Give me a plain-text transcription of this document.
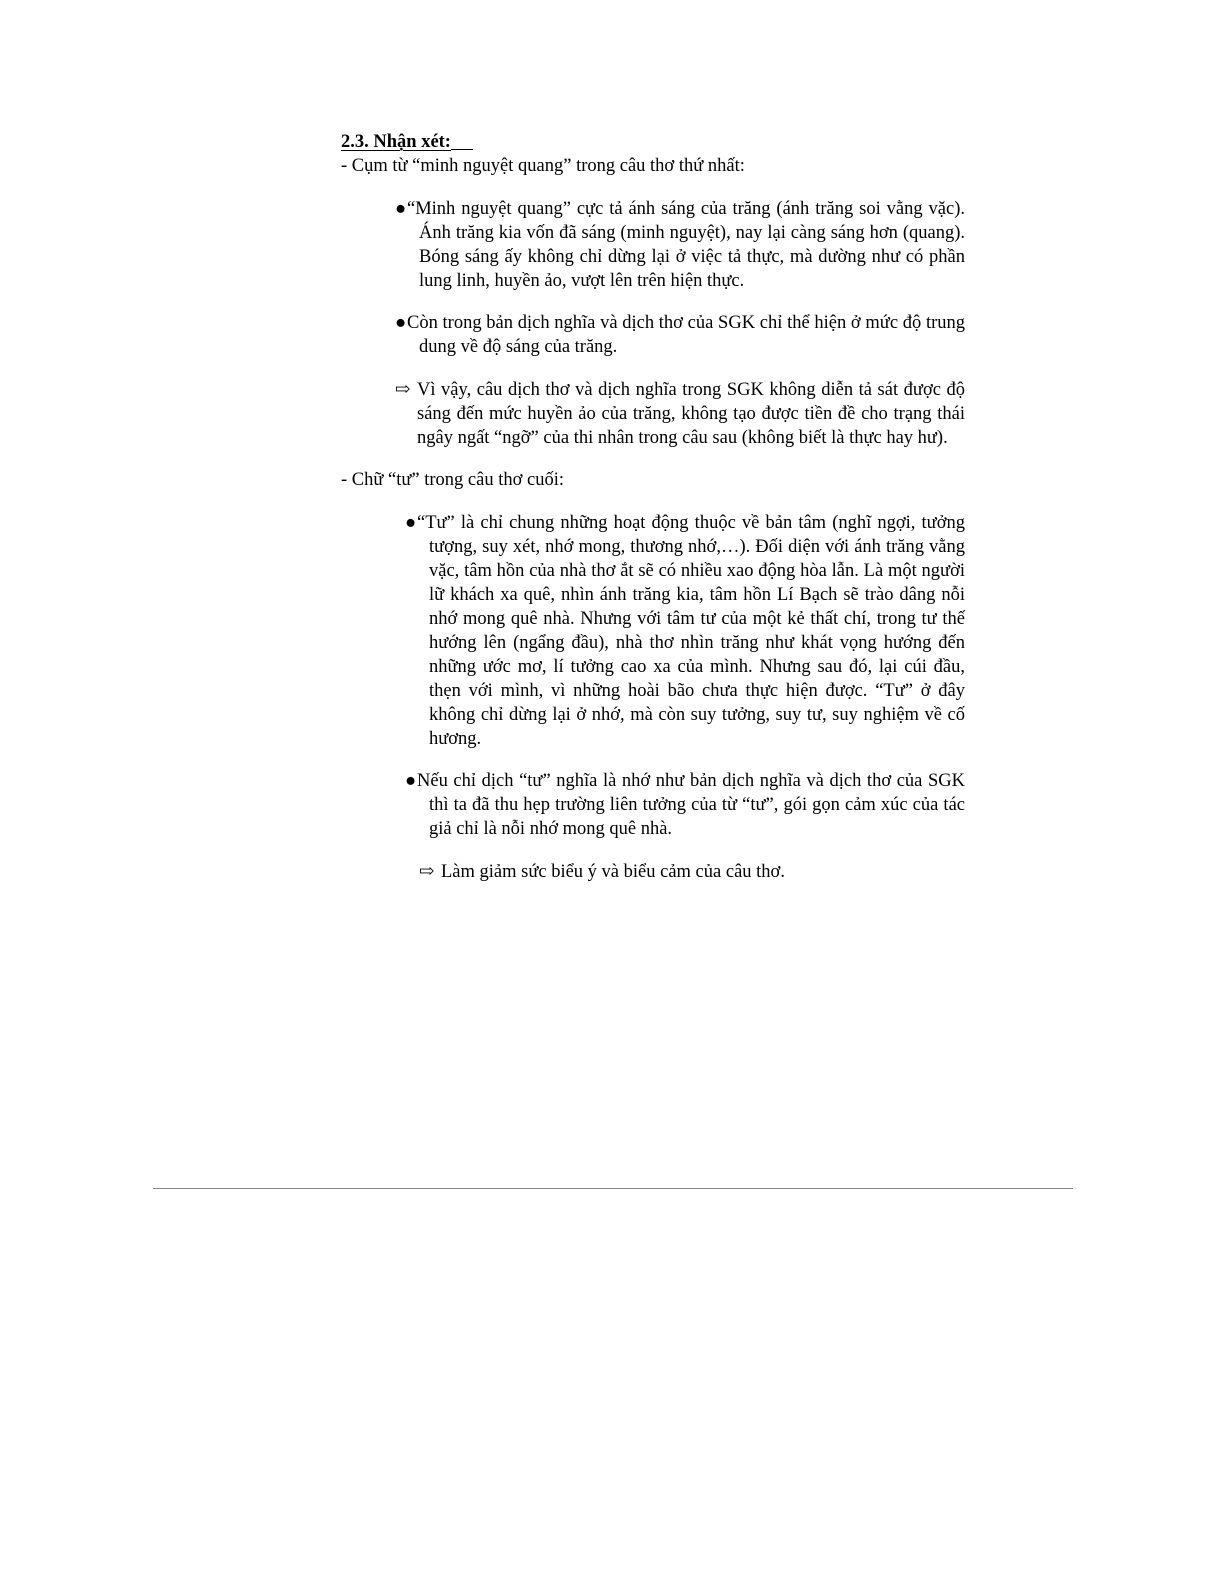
2.3. Nhận xét:

- Cụm từ “minh nguyệt quang” trong câu thơ thứ nhất:

● “Minh nguyệt quang” cực tả ánh sáng của trăng (ánh trăng soi vằng vặc). Ánh trăng kia vốn đã sáng (minh nguyệt), nay lại càng sáng hơn (quang). Bóng sáng ấy không chỉ dừng lại ở việc tả thực, mà dường như có phần lung linh, huyền ảo, vượt lên trên hiện thực.

● Còn trong bản dịch nghĩa và dịch thơ của SGK chỉ thể hiện ở mức độ trung dung về độ sáng của trăng.

⇨ Vì vậy, câu dịch thơ và dịch nghĩa trong SGK không diễn tả sát được độ sáng đến mức huyền ảo của trăng, không tạo được tiền đề cho trạng thái ngây ngất “ngỡ” của thi nhân trong câu sau (không biết là thực hay hư).

- Chữ “tư” trong câu thơ cuối:

● “Tư” là chỉ chung những hoạt động thuộc về bản tâm (nghĩ ngợi, tưởng tượng, suy xét, nhớ mong, thương nhớ,…). Đối diện với ánh trăng vằng vặc, tâm hồn của nhà thơ ắt sẽ có nhiều xao động hòa lẫn. Là một người lữ khách xa quê, nhìn ánh trăng kia, tâm hồn Lí Bạch sẽ trào dâng nỗi nhớ mong quê nhà. Nhưng với tâm tư của một kẻ thất chí, trong tư thế hướng lên (ngẩng đầu), nhà thơ nhìn trăng như khát vọng hướng đến những ước mơ, lí tưởng cao xa của mình. Nhưng sau đó, lại cúi đầu, thẹn với mình, vì những hoài bão chưa thực hiện được. “Tư” ở đây không chỉ dừng lại ở nhớ, mà còn suy tưởng, suy tư, suy nghiệm về cố hương.

● Nếu chỉ dịch “tư” nghĩa là nhớ như bản dịch nghĩa và dịch thơ của SGK thì ta đã thu hẹp trường liên tưởng của từ “tư”, gói gọn cảm xúc của tác giả chỉ là nỗi nhớ mong quê nhà.

⇨ Làm giảm sức biểu ý và biểu cảm của câu thơ.
